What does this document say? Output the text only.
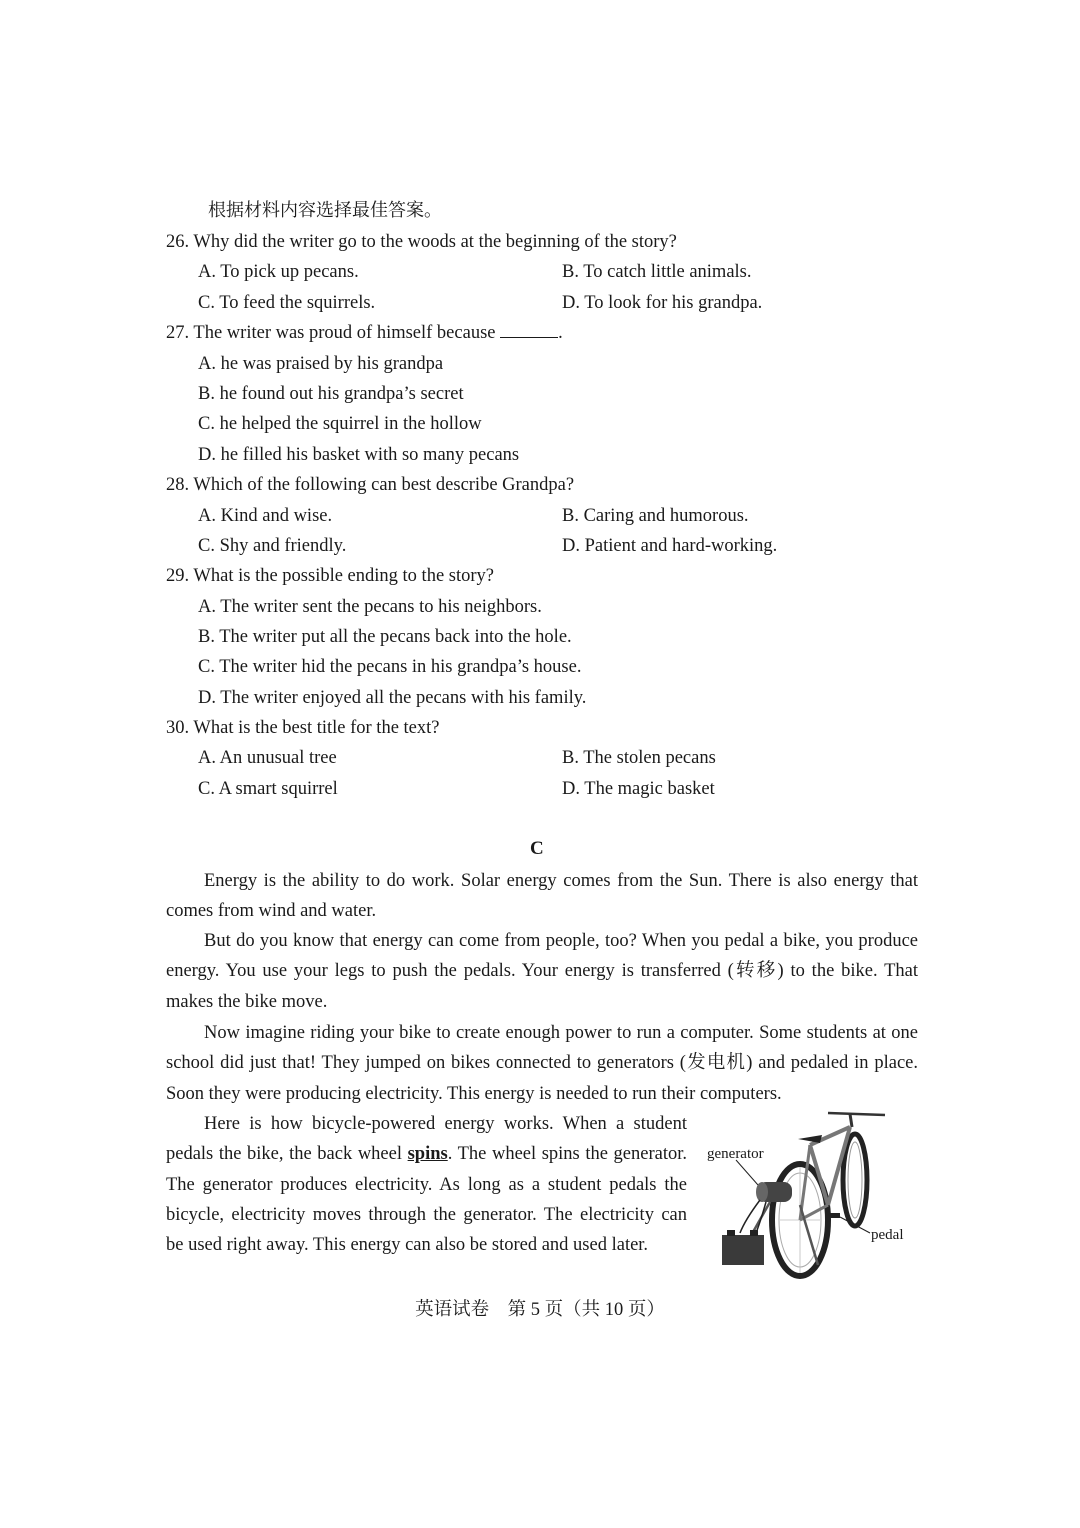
根据材料内容选择最佳答案。
26. Why did the writer go to the woods at the beginning of the story?
A. To pick up pecans.	B. To catch little animals.
C. To feed the squirrels.	D. To look for his grandpa.
27. The writer was proud of himself because	.
A. he was praised by his grandpa
B. he found out his grandpa’s secret
C. he helped the squirrel in the hollow
D. he filled his basket with so many pecans
28. Which of the following can best describe Grandpa?
A. Kind and wise.	B. Caring and humorous.
C. Shy and friendly.	D. Patient and hard-working.
29. What is the possible ending to the story?
A. The writer sent the pecans to his neighbors.
B. The writer put all the pecans back into the hole.
C. The writer hid the pecans in his grandpa’s house.
D. The writer enjoyed all the pecans with his family.
30. What is the best title for the text?
A. An unusual tree	B. The stolen pecans
C. A smart squirrel	D. The magic basket
C
Energy is the ability to do work. Solar energy comes from the Sun. There is also energy that comes from wind and water.
But do you know that energy can come from people, too? When you pedal a bike, you produce energy. You use your legs to push the pedals. Your energy is transferred (转移) to the bike. That makes the bike move.
Now imagine riding your bike to create enough power to run a computer. Some students at one school did just that! They jumped on bikes connected to generators (发电机) and pedaled in place. Soon they were producing electricity. This energy is needed to run their computers.
Here is how bicycle-powered energy works. When a student pedals the bike, the back wheel spins. The wheel spins the generator. The generator produces electricity. As long as a student pedals the bicycle, electricity moves through the generator. The electricity can be used right away. This energy can also be stored and used later.
generator
pedal
英语试卷　第 5 页（共 10 页）
